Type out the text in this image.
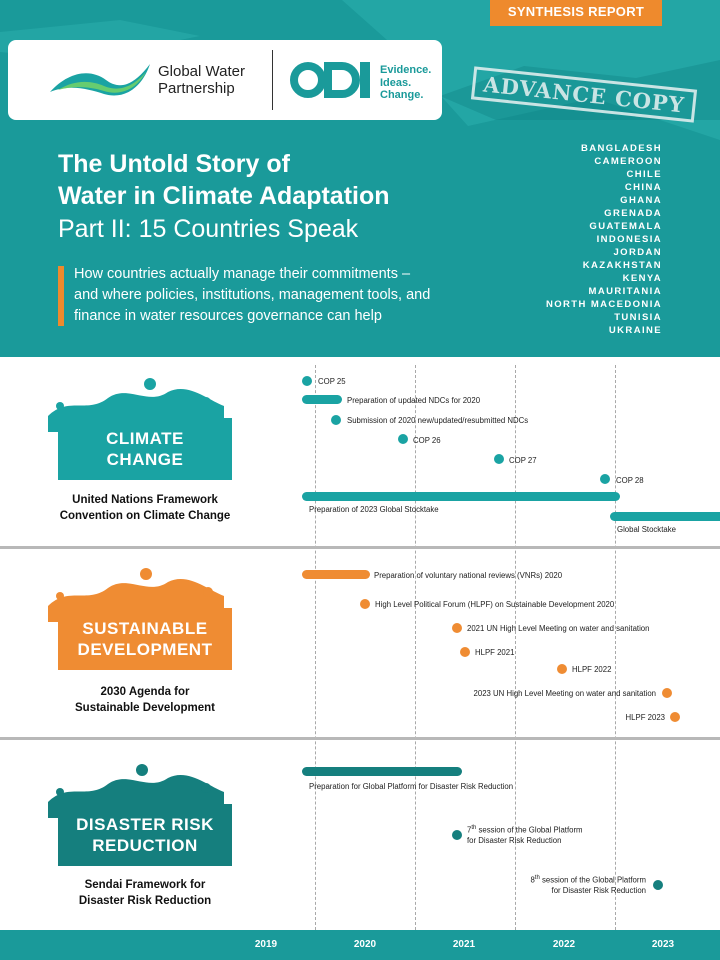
SYNTHESIS REPORT
Global Water
Partnership
Evidence.
Ideas.
Change.	ADVANCE COPY
The Untold Story of
Water in Climate Adaptation
Part II: 15 Countries Speak
How countries actually manage their commitments –
and where policies, institutions, management tools, and
finance in water resources governance can help
BANGLADESH
CAMEROON
CHILE
CHINA
GHANA
GRENADA
GUATEMALA
INDONESIA
JORDAN
KAZAKHSTAN
KENYA
MAURITANIA
NORTH MACEDONIA
TUNISIA
UKRAINE
CLIMATE
CHANGE
United Nations Framework
Convention on Climate Change
COP 25
Preparation of updated NDCs for 2020
Submission of 2020 new/updated/resubmitted NDCs
COP 26
COP 27
COP 28
Preparation of 2023 Global Stocktake
Global Stocktake
SUSTAINABLE
DEVELOPMENT
2030 Agenda for
Sustainable Development
Preparation of voluntary national reviews (VNRs) 2020
High Level Political Forum (HLPF) on Sustainable Development 2020
2021 UN High Level Meeting on water and sanitation
HLPF 2021
HLPF 2022
2023 UN High Level Meeting on water and sanitation
HLPF 2023
DISASTER RISK
REDUCTION
Sendai Framework for
Disaster Risk Reduction
Preparation for Global Platform for Disaster Risk Reduction
7th session of the Global Platform
for Disaster Risk Reduction
8th session of the Global Platform
for Disaster Risk Reduction
2019	2020	2021	2022	2023
